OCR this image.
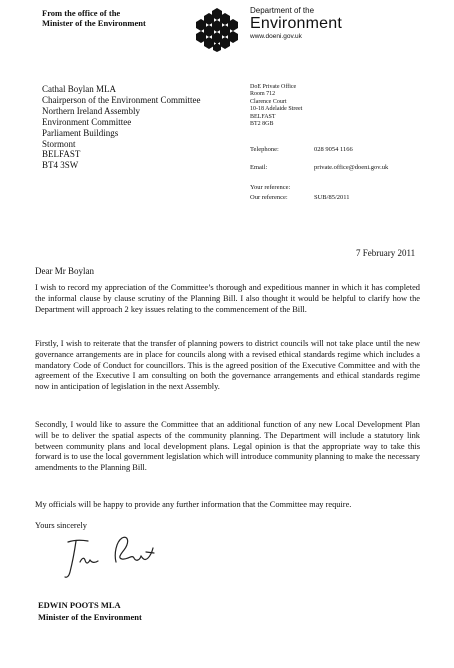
From the office of the
Minister of the Environment
Department of the
Environment
www.doeni.gov.uk
Cathal Boylan MLA
Chairperson of the Environment Committee
Northern Ireland Assembly
Environment Committee
Parliament Buildings
Stormont
BELFAST
BT4 3SW
DoE Private Office
Room 712
Clarence Court
10-18 Adelaide Street
BELFAST
BT2 8GB
Telephone:	028 9054 1166
Email:	private.office@doeni.gov.uk
Your reference:
Our reference:	SUB/85/2011
7 February 2011
Dear Mr Boylan
I wish to record my appreciation of the Committee’s thorough and expeditious manner in which it has completed the informal clause by clause scrutiny of the Planning Bill. I also thought it would be helpful to clarify how the Department will approach 2 key issues relating to the commencement of the Bill.
Firstly, I wish to reiterate that the transfer of planning powers to district councils will not take place until the new governance arrangements are in place for councils along with a revised ethical standards regime which includes a mandatory Code of Conduct for councillors. This is the agreed position of the Executive Committee and with the agreement of the Executive I am consulting on both the governance arrangements and ethical standards regime now in anticipation of legislation in the next Assembly.
Secondly, I would like to assure the Committee that an additional function of any new Local Development Plan will be to deliver the spatial aspects of the community planning. The Department will include a statutory link between community plans and local development plans. Legal opinion is that the appropriate way to take this forward is to use the local government legislation which will introduce community planning to make the necessary amendments to the Planning Bill.
My officials will be happy to provide any further information that the Committee may require.
Yours sincerely
EDWIN POOTS MLA
Minister of the Environment
